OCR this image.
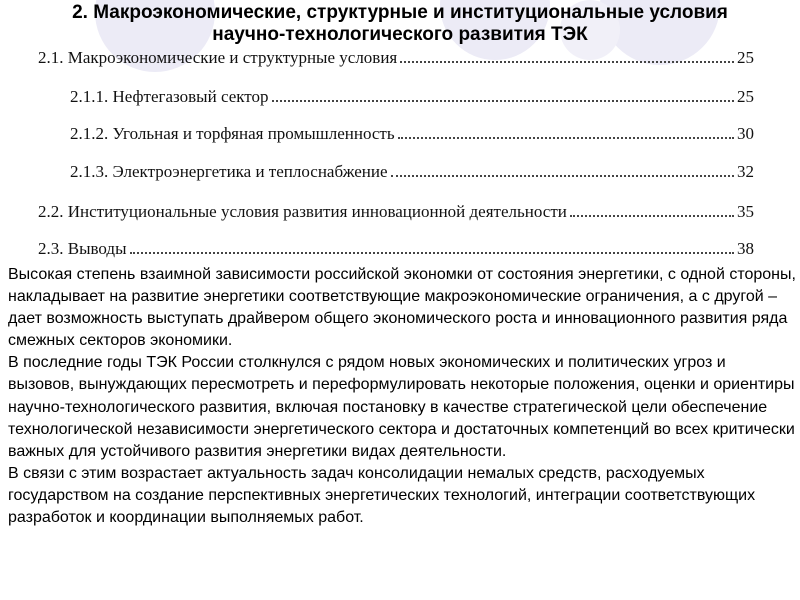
2. Макроэкономические, структурные и институциональные условия
научно-технологического развития ТЭК
2.1. Макроэкономические и структурные условия	25
2.1.1. Нефтегазовый сектор	25
2.1.2. Угольная и торфяная промышленность	30
2.1.3. Электроэнергетика и теплоснабжение	32
2.2. Институциональные условия развития инновационной деятельности	35
2.3. Выводы	38

Высокая степень взаимной зависимости российской экономки от состояния энергетики, с одной стороны, накладывает на развитие энергетики соответствующие макроэкономические ограничения, а с другой – дает возможность выступать драйвером общего экономического роста и инновационного развития ряда смежных секторов экономики.

В последние годы ТЭК России столкнулся с рядом новых экономических и политических угроз и вызовов, вынуждающих пересмотреть и переформулировать некоторые положения, оценки и ориентиры научно-технологического развития, включая постановку в качестве стратегической цели обеспечение технологической независимости энергетического сектора и достаточных компетенций во всех критически важных для устойчивого развития энергетики видах деятельности.

В связи с этим возрастает актуальность задач консолидации немалых средств, расходуемых государством на создание перспективных энергетических технологий, интеграции соответствующих разработок и координации выполняемых работ.
